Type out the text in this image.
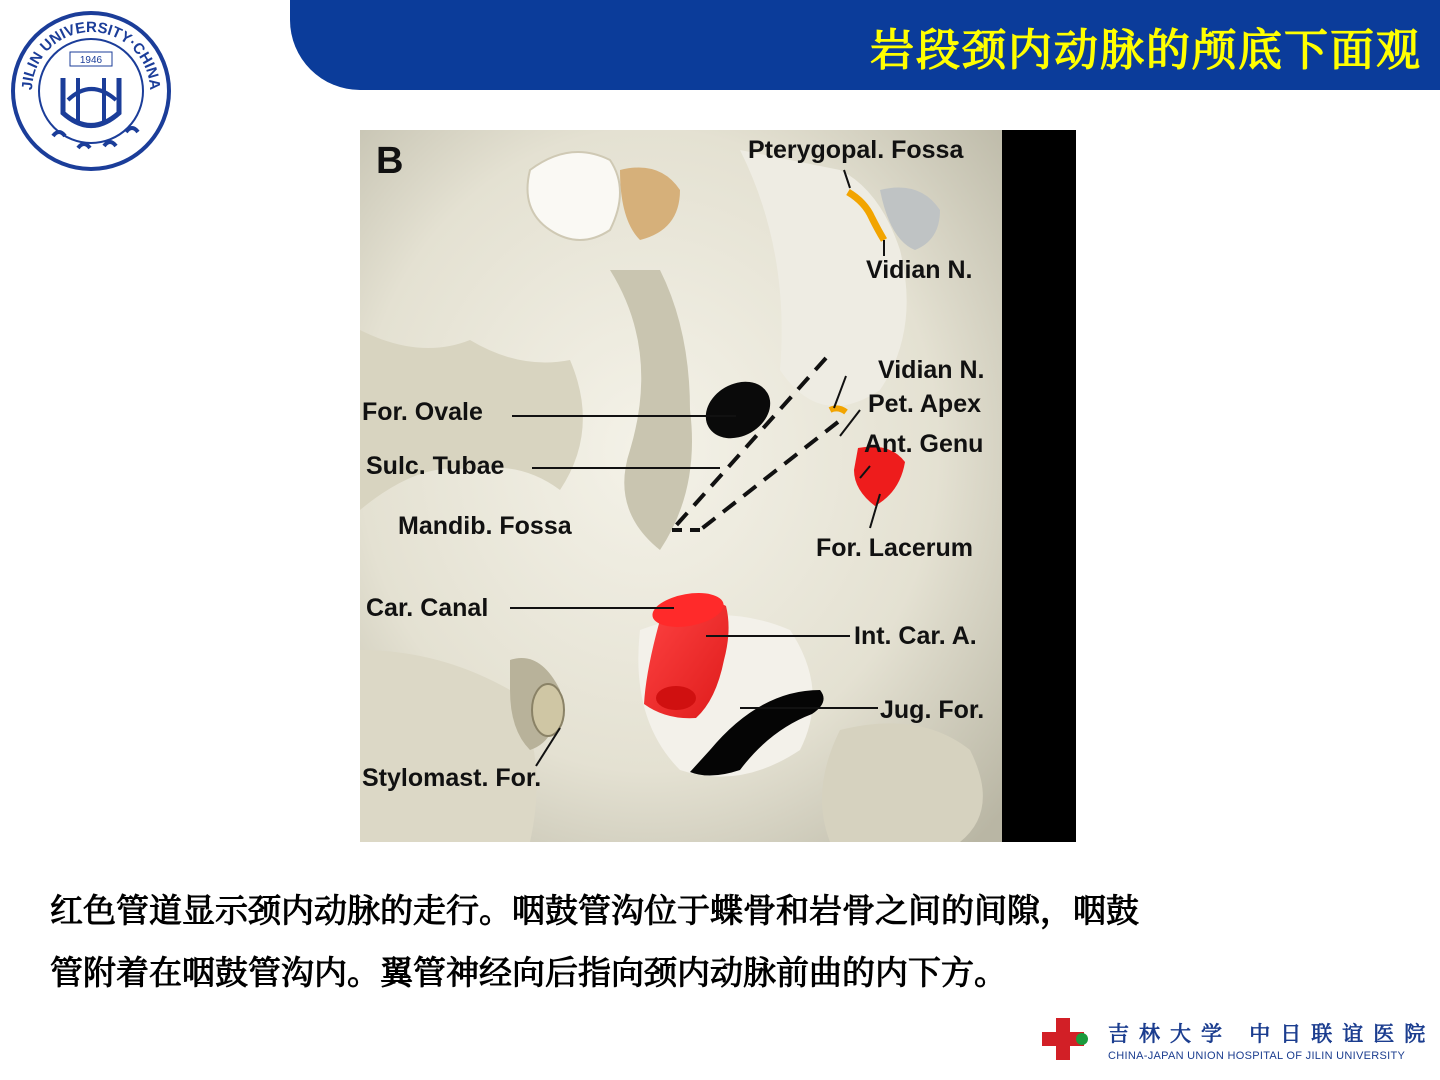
岩段颈内动脉的颅底下面观
JILIN UNIVERSITY·CHINA
1946
B	Pterygopal. Fossa
Vidian N.
Vidian N.
Pet. Apex
Ant. Genu
For. Ovale
Sulc. Tubae
Mandib. Fossa
For. Lacerum
Car. Canal
Int. Car. A.
Jug. For.
Stylomast. For.
红色管道显示颈内动脉的走行。咽鼓管沟位于蝶骨和岩骨之间的间隙，咽鼓
管附着在咽鼓管沟内。翼管神经向后指向颈内动脉前曲的内下方。
吉林大学 中日联谊医院
CHINA-JAPAN UNION HOSPITAL OF JILIN UNIVERSITY
